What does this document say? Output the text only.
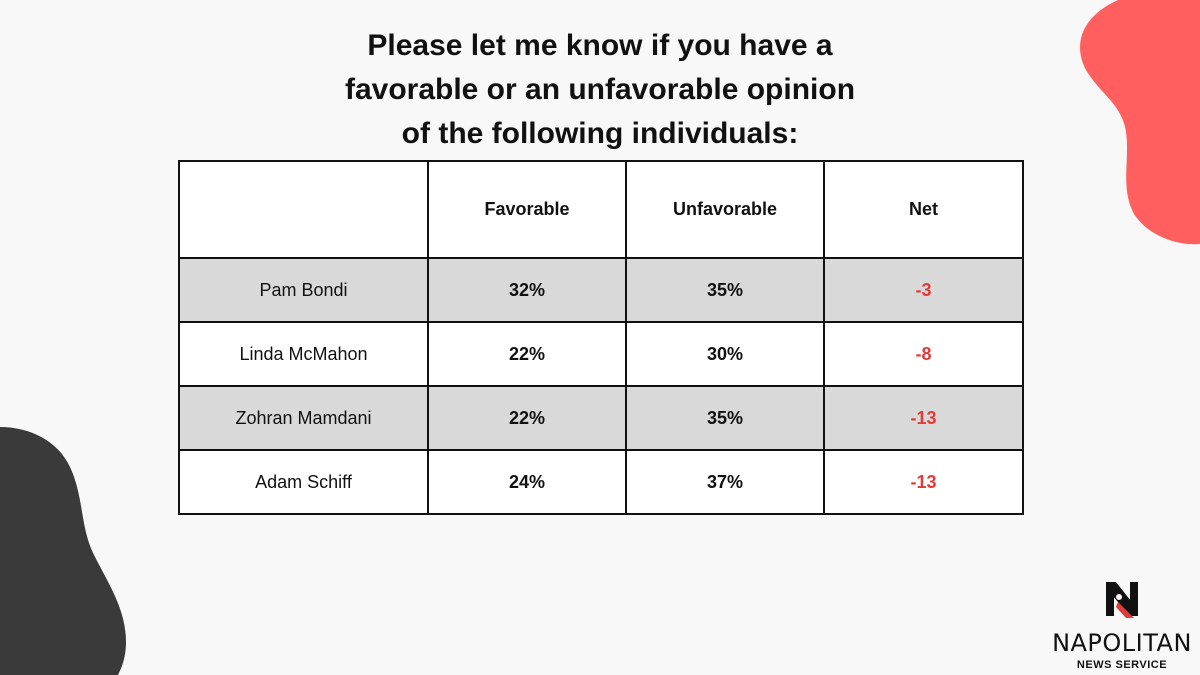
Please let me know if you have a
favorable or an unfavorable opinion
of the following individuals:
	Favorable	Unfavorable	Net
Pam Bondi	32%	35%	-3
Linda McMahon	22%	30%	-8
Zohran Mamdani	22%	35%	-13
Adam Schiff	24%	37%	-13
NAPOLITAN
NEWS SERVICE
